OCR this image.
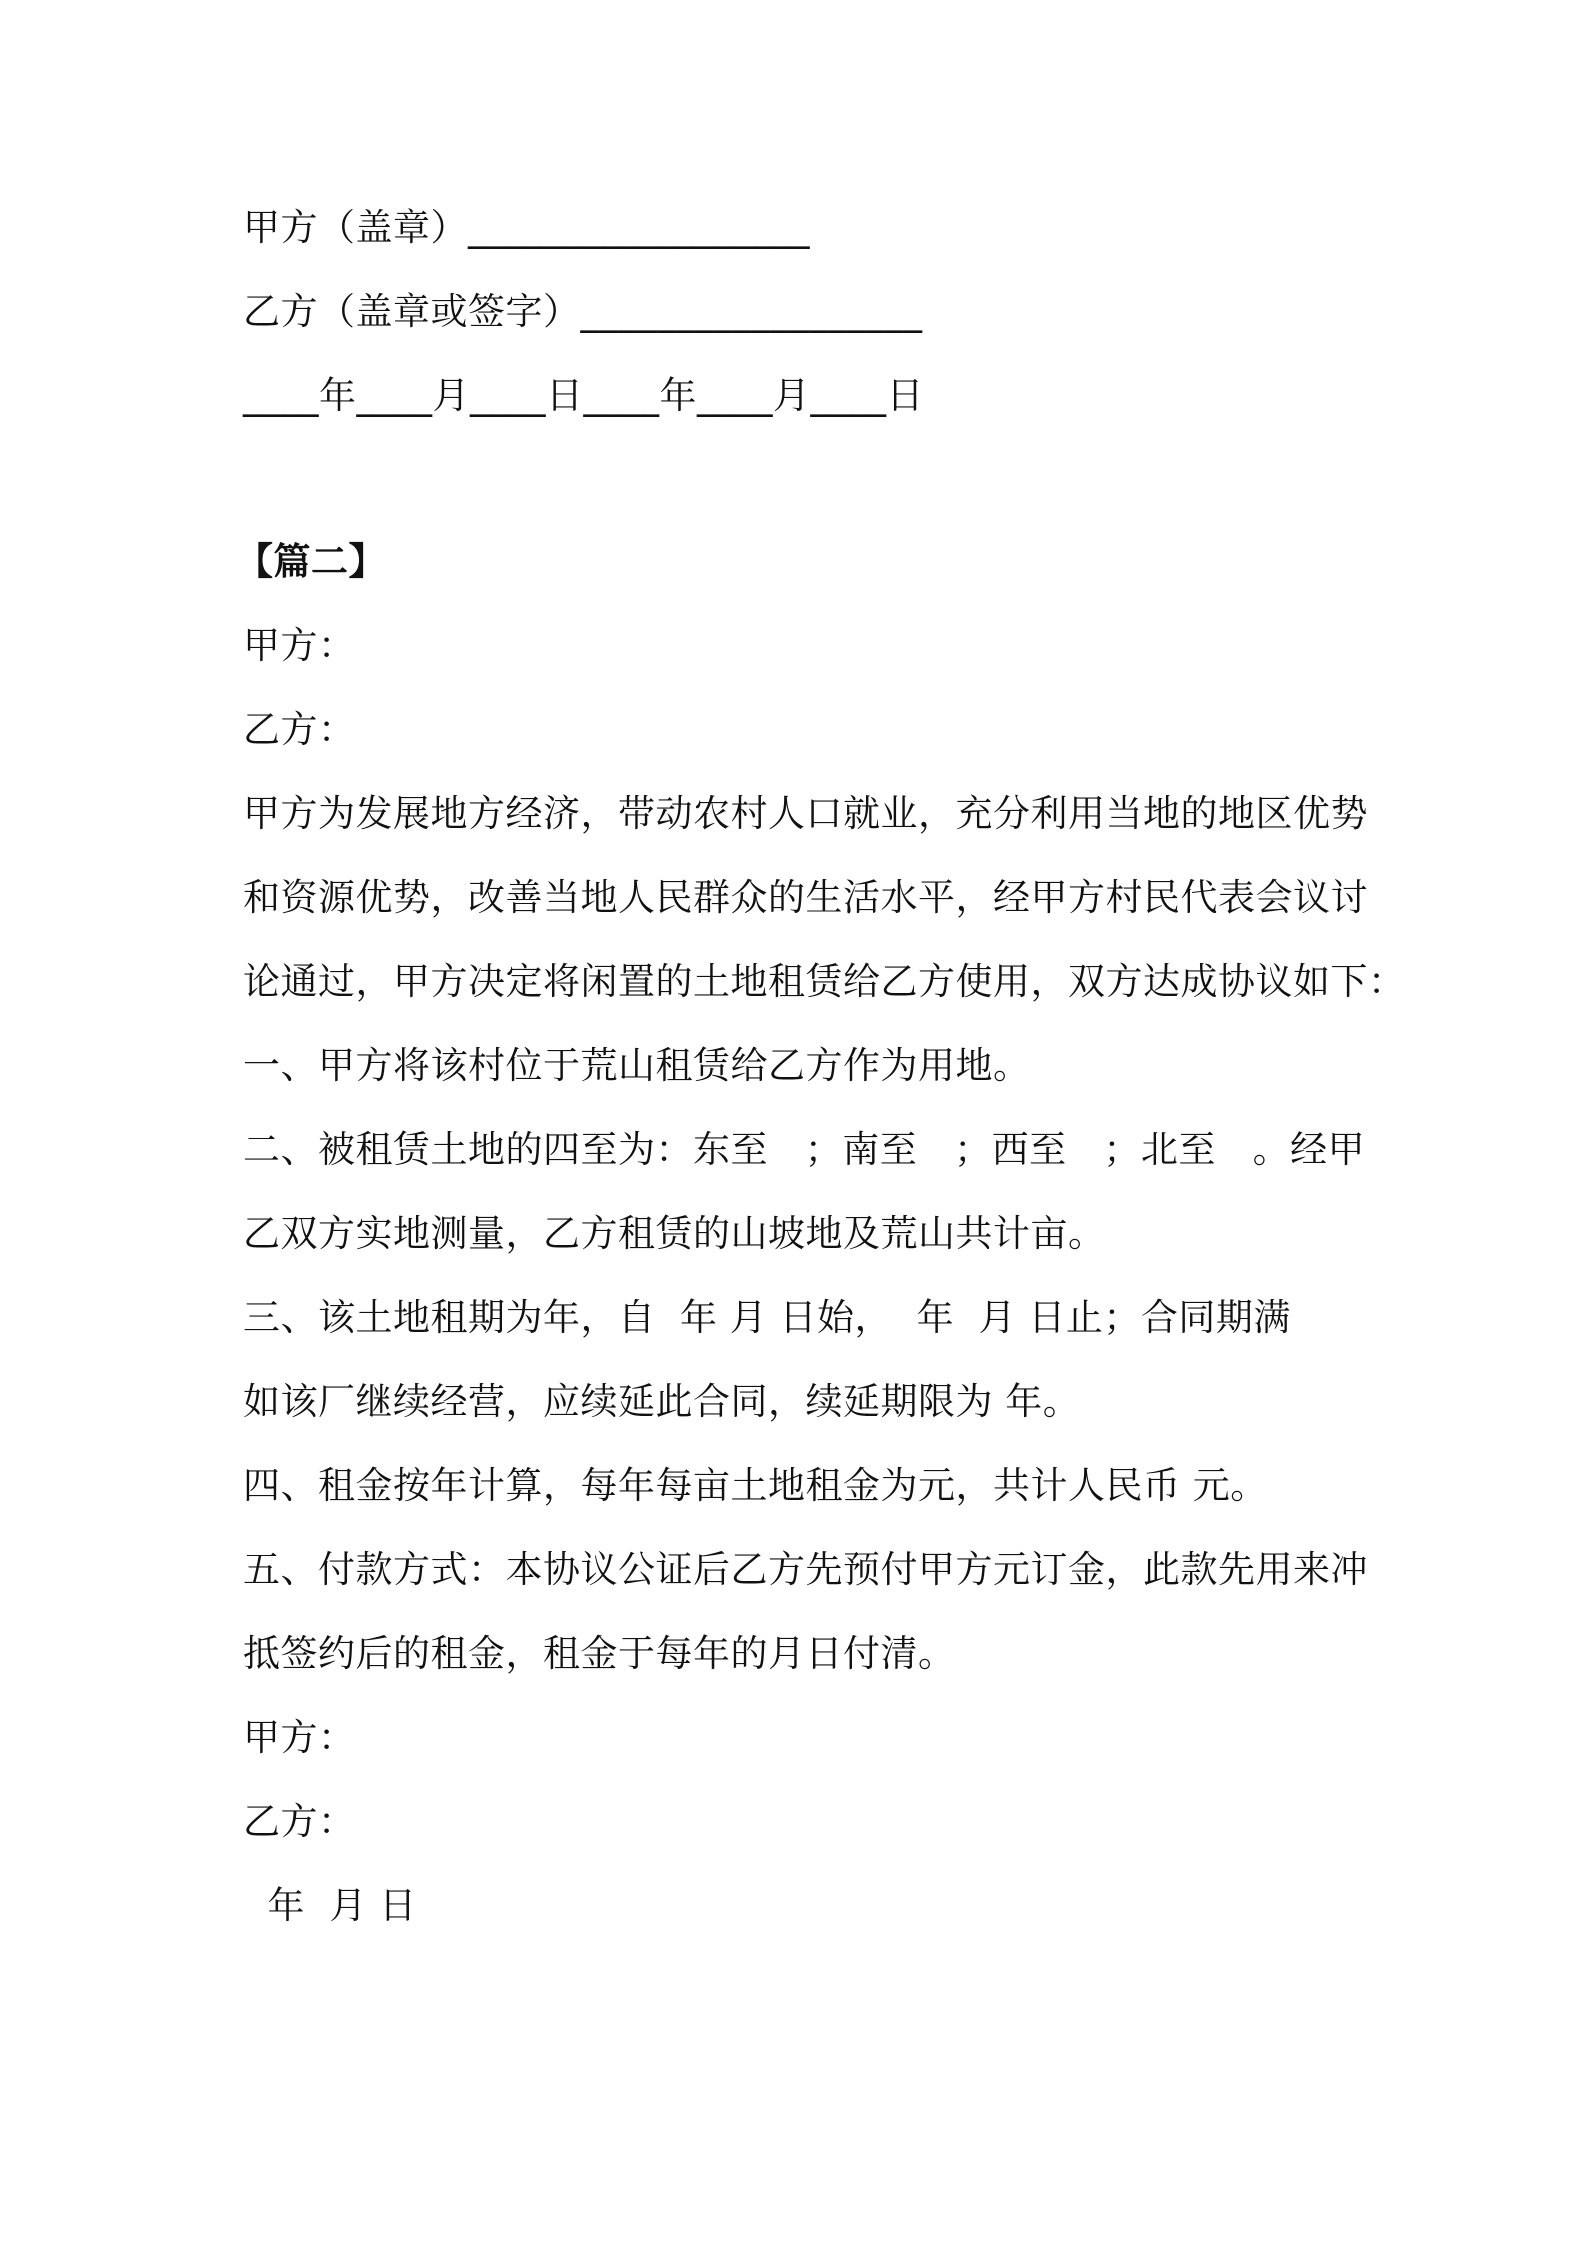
甲方（盖章）__________________
乙方（盖章或签字）__________________
____年____月____日____年____月____日
【篇二】
甲方：
乙方：
甲方为发展地方经济，带动农村人口就业，充分利用当地的地区优势
和资源优势，改善当地人民群众的生活水平，经甲方村民代表会议讨
论通过，甲方决定将闲置的土地租赁给乙方使用，双方达成协议如下：
一、甲方将该村位于荒山租赁给乙方作为用地。
二、被租赁土地的四至为：东至   ；南至   ；西至   ；北至   。经甲
乙双方实地测量，乙方租赁的山坡地及荒山共计亩。
三、该土地租期为年，自  年 月 日始，  年  月 日止；合同期满
如该厂继续经营，应续延此合同，续延期限为 年。
四、租金按年计算，每年每亩土地租金为元，共计人民币 元。
五、付款方式：本协议公证后乙方先预付甲方元订金，此款先用来冲
抵签约后的租金，租金于每年的月日付清。
甲方：
乙方：
年  月 日
